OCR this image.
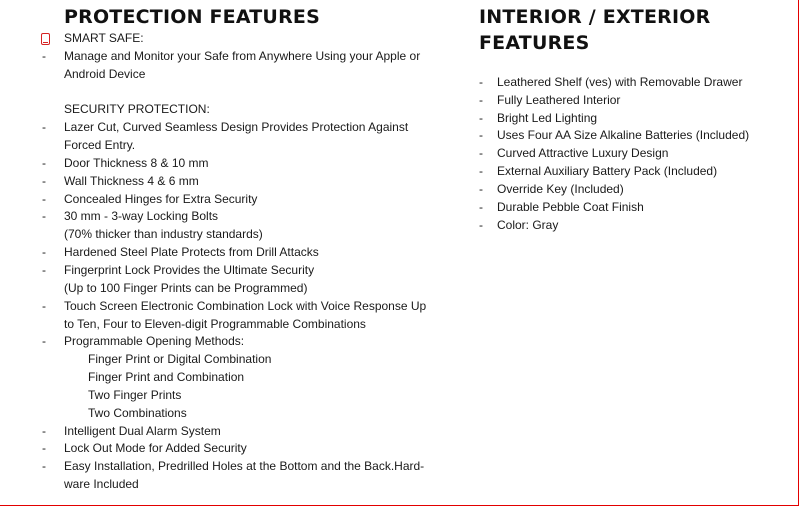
PROTECTION FEATURES
SMART SAFE:
- Manage and Monitor your Safe from Anywhere Using your Apple or
Android Device
SECURITY PROTECTION:
- Lazer Cut, Curved Seamless Design Provides Protection Against
Forced Entry.
- Door Thickness 8 & 10 mm
- Wall Thickness 4 & 6 mm
- Concealed Hinges for Extra Security
- 30 mm - 3-way Locking Bolts
(70% thicker than industry standards)
- Hardened Steel Plate Protects from Drill Attacks
- Fingerprint Lock Provides the Ultimate Security
(Up to 100 Finger Prints can be Programmed)
- Touch Screen Electronic Combination Lock with Voice Response Up
to Ten, Four to Eleven-digit Programmable Combinations
- Programmable Opening Methods:
Finger Print or Digital Combination
Finger Print and Combination
Two Finger Prints
Two Combinations
- Intelligent Dual Alarm System
- Lock Out Mode for Added Security
- Easy Installation, Predrilled Holes at the Bottom and the Back.Hard-
ware Included
INTERIOR / EXTERIOR FEATURES
- Leathered Shelf (ves) with Removable Drawer
- Fully Leathered Interior
- Bright Led Lighting
- Uses Four AA Size Alkaline Batteries (Included)
- Curved Attractive Luxury Design
- External Auxiliary Battery Pack (Included)
- Override Key (Included)
- Durable Pebble Coat Finish
- Color: Gray
